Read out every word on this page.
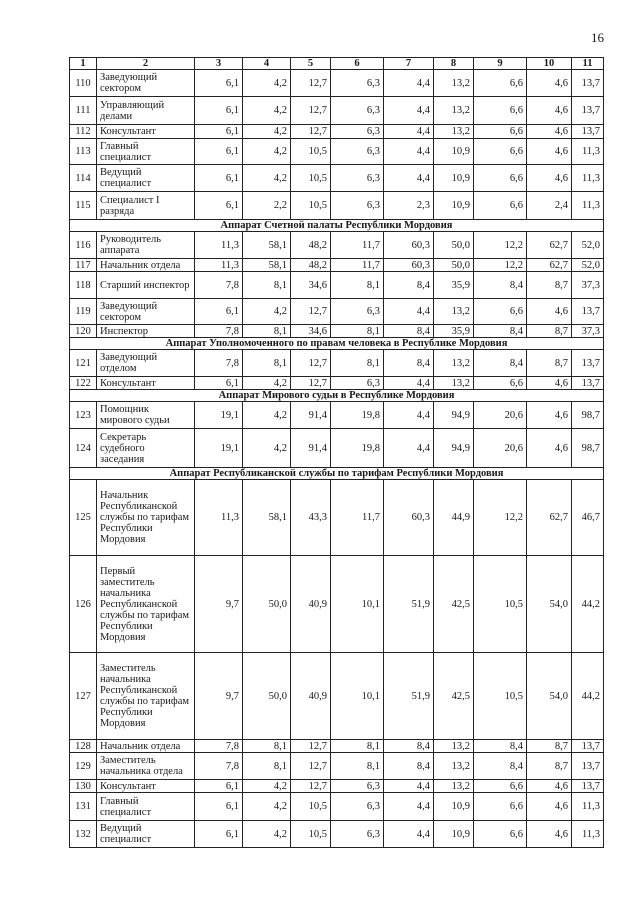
16
1	2	3	4	5	6	7	8	9	10	11
110	Заведующий сектором	6,1	4,2	12,7	6,3	4,4	13,2	6,6	4,6	13,7
111	Управляющий делами	6,1	4,2	12,7	6,3	4,4	13,2	6,6	4,6	13,7
112	Консультант	6,1	4,2	12,7	6,3	4,4	13,2	6,6	4,6	13,7
113	Главный специалист	6,1	4,2	10,5	6,3	4,4	10,9	6,6	4,6	11,3
114	Ведущий специалист	6,1	4,2	10,5	6,3	4,4	10,9	6,6	4,6	11,3
115	Специалист I разряда	6,1	2,2	10,5	6,3	2,3	10,9	6,6	2,4	11,3
Аппарат Счетной палаты Республики Мордовия										
116	Руководитель аппарата	11,3	58,1	48,2	11,7	60,3	50,0	12,2	62,7	52,0
117	Начальник отдела	11,3	58,1	48,2	11,7	60,3	50,0	12,2	62,7	52,0
118	Старший инспектор	7,8	8,1	34,6	8,1	8,4	35,9	8,4	8,7	37,3
119	Заведующий сектором	6,1	4,2	12,7	6,3	4,4	13,2	6,6	4,6	13,7
120	Инспектор	7,8	8,1	34,6	8,1	8,4	35,9	8,4	8,7	37,3
Аппарат Уполномоченного по правам человека в Республике Мордовия										
121	Заведующий отделом	7,8	8,1	12,7	8,1	8,4	13,2	8,4	8,7	13,7
122	Консультант	6,1	4,2	12,7	6,3	4,4	13,2	6,6	4,6	13,7
Аппарат Мирового судьи в Республике Мордовия										
123	Помощник мирового судьи	19,1	4,2	91,4	19,8	4,4	94,9	20,6	4,6	98,7
124	Секретарь судебного заседания	19,1	4,2	91,4	19,8	4,4	94,9	20,6	4,6	98,7
Аппарат Республиканской службы по тарифам Республики Мордовия										
125	Начальник Республиканской службы по тарифам Республики Мордовия	11,3	58,1	43,3	11,7	60,3	44,9	12,2	62,7	46,7
126	Первый заместитель начальника Республиканской службы по тарифам Республики Мордовия	9,7	50,0	40,9	10,1	51,9	42,5	10,5	54,0	44,2
127	Заместитель начальника Республиканской службы по тарифам Республики Мордовия	9,7	50,0	40,9	10,1	51,9	42,5	10,5	54,0	44,2
128	Начальник отдела	7,8	8,1	12,7	8,1	8,4	13,2	8,4	8,7	13,7
129	Заместитель начальника отдела	7,8	8,1	12,7	8,1	8,4	13,2	8,4	8,7	13,7
130	Консультант	6,1	4,2	12,7	6,3	4,4	13,2	6,6	4,6	13,7
131	Главный специалист	6,1	4,2	10,5	6,3	4,4	10,9	6,6	4,6	11,3
132	Ведущий специалист	6,1	4,2	10,5	6,3	4,4	10,9	6,6	4,6	11,3
